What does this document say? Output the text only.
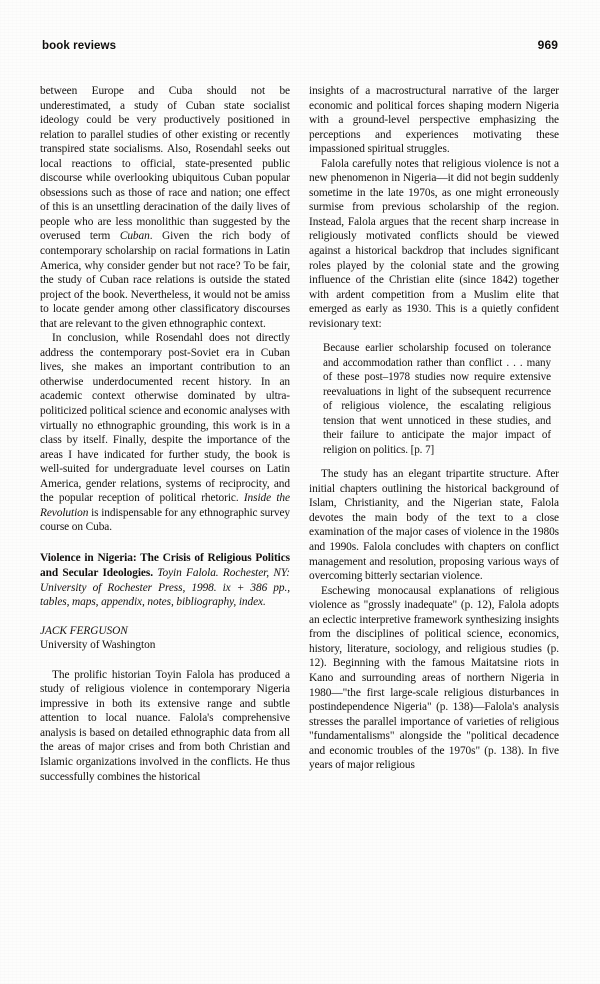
book reviews	969

between Europe and Cuba should not be underestimated, a study of Cuban state socialist ideology could be very productively positioned in relation to parallel studies of other existing or recently transpired state socialisms. Also, Rosendahl seeks out local reactions to official, state-presented public discourse while overlooking ubiquitous Cuban popular obsessions such as those of race and nation; one effect of this is an unsettling deracination of the daily lives of people who are less monolithic than suggested by the overused term Cuban. Given the rich body of contemporary scholarship on racial formations in Latin America, why consider gender but not race? To be fair, the study of Cuban race relations is outside the stated project of the book. Nevertheless, it would not be amiss to locate gender among other classificatory discourses that are relevant to the given ethnographic context.

In conclusion, while Rosendahl does not directly address the contemporary post-Soviet era in Cuban lives, she makes an important contribution to an otherwise underdocumented recent history. In an academic context otherwise dominated by ultra-politicized political science and economic analyses with virtually no ethnographic grounding, this work is in a class by itself. Finally, despite the importance of the areas I have indicated for further study, the book is well-suited for undergraduate level courses on Latin America, gender relations, systems of reciprocity, and the popular reception of political rhetoric. Inside the Revolution is indispensable for any ethnographic survey course on Cuba.

Violence in Nigeria: The Crisis of Religious Politics and Secular Ideologies. Toyin Falola. Rochester, NY: University of Rochester Press, 1998. ix + 386 pp., tables, maps, appendix, notes, bibliography, index.

JACK FERGUSON
University of Washington

The prolific historian Toyin Falola has produced a study of religious violence in contemporary Nigeria impressive in both its extensive range and subtle attention to local nuance. Falola's comprehensive analysis is based on detailed ethnographic data from all the areas of major crises and from both Christian and Islamic organizations involved in the conflicts. He thus successfully combines the historical

insights of a macrostructural narrative of the larger economic and political forces shaping modern Nigeria with a ground-level perspective emphasizing the perceptions and experiences motivating these impassioned spiritual struggles.

Falola carefully notes that religious violence is not a new phenomenon in Nigeria—it did not begin suddenly sometime in the late 1970s, as one might erroneously surmise from previous scholarship of the region. Instead, Falola argues that the recent sharp increase in religiously motivated conflicts should be viewed against a historical backdrop that includes significant roles played by the colonial state and the growing influence of the Christian elite (since 1842) together with ardent competition from a Muslim elite that emerged as early as 1930. This is a quietly confident revisionary text:

Because earlier scholarship focused on tolerance and accommodation rather than conflict . . . many of these post–1978 studies now require extensive reevaluations in light of the subsequent recurrence of religious violence, the escalating religious tension that went unnoticed in these studies, and their failure to anticipate the major impact of religion on politics. [p. 7]

The study has an elegant tripartite structure. After initial chapters outlining the historical background of Islam, Christianity, and the Nigerian state, Falola devotes the main body of the text to a close examination of the major cases of violence in the 1980s and 1990s. Falola concludes with chapters on conflict management and resolution, proposing various ways of overcoming bitterly sectarian violence.

Eschewing monocausal explanations of religious violence as "grossly inadequate" (p. 12), Falola adopts an eclectic interpretive framework synthesizing insights from the disciplines of political science, economics, history, literature, sociology, and religious studies (p. 12). Beginning with the famous Maitatsine riots in Kano and surrounding areas of northern Nigeria in 1980—"the first large-scale religious disturbances in postindependence Nigeria" (p. 138)—Falola's analysis stresses the parallel importance of varieties of religious "fundamentalisms" alongside the "political decadence and economic troubles of the 1970s" (p. 138). In five years of major religious
